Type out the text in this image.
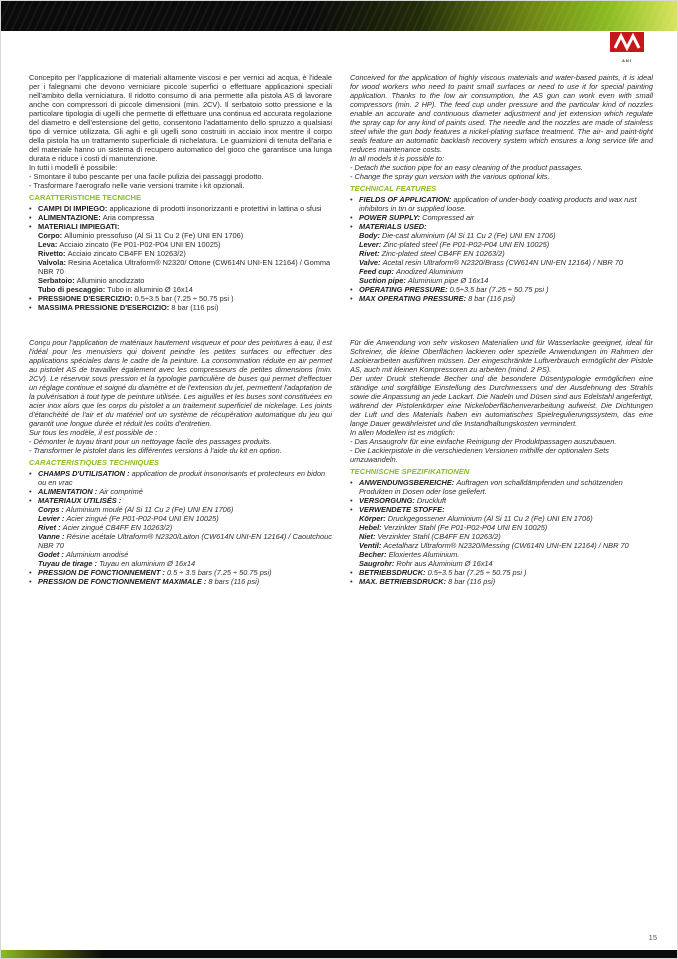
ANI

Concepito per l'applicazione di materiali altamente viscosi e per vernici ad acqua, è l'ideale per i falegnami che devono verniciare piccole superfici o effettuare applicazioni speciali nell'ambito della verniciatura. Il ridotto consumo di aria permette alla pistola AS di lavorare anche con compressori di piccole dimensioni (min. 2CV). Il serbatoio sotto pressione e la particolare tipologia di ugelli che permette di effettuare una continua ed accurata regolazione del diametro e dell'estensione del getto, consentono l'adattamento dello spruzzo a qualsiasi tipo di vernice utilizzata. Gli aghi e gli ugelli sono costruiti in acciaio inox mentre il corpo della pistola ha un trattamento superficiale di nichelatura. Le guarnizioni di tenuta dell'aria e del materiale hanno un sistema di recupero automatico del gioco che garantisce una lunga durata e riduce i costi di manutenzione.

In tutti i modelli è possibile:
- Smontare il tubo pescante per una facile pulizia dei passaggi prodotto.
- Trasformare l'aerografo nelle varie versioni tramite i kit opzionali.
CARATTERISTICHE TECNICHE
• CAMPI DI IMPIEGO: applicazione di prodotti insonorizzanti e protettivi in lattina o sfusi
• ALIMENTAZIONE: Aria compressa
• MATERIALI IMPIEGATI:
Corpo: Alluminio pressofuso (Al Si 11 Cu 2 (Fe) UNI EN 1706)
Leva: Acciaio zincato (Fe P01-P02-P04 UNI EN 10025)
Rivetto: Acciaio zincato CB4FF EN 10263/2)
Valvola: Resina Acetalica Ultraform® N2320/ Ottone (CW614N UNI-EN 12164) / Gomma NBR 70
Serbatoio: Alluminio anodizzato
Tubo di pescaggio: Tubo in alluminio Ø 16x14
• PRESSIONE D'ESERCIZIO: 0.5÷3.5 bar (7.25 ÷ 50.75 psi )
• MASSIMA PRESSIONE D'ESERCIZIO: 8 bar (116 psi)

Conceived for the application of highly viscous materials and water-based paints, it is ideal for wood workers who need to paint small surfaces or need to use it for special painting application. Thanks to the low air consumption, the AS gun can work even with small compressors (min. 2 HP). The feed cup under pressure and the particular kind of nozzles enable an accurate and continuous diameter adjustment and jet extension which regulate the spray cap for any kind of paints used. The needle and the nozzles are made of stainless steel while the gun body features a nickel-plating surface treatment. The air- and paint-tight seals feature an automatic backlash recovery system which ensures a long service life and reduces maintenance costs.

In all models it is possible to:
- Detach the suction pipe for an easy cleaning of the product passages.
- Change the spray gun version with the various optional kits.
TECHNICAL FEATURES
• FIELDS OF APPLICATION: application of under-body coating products and wax rust inhibitors in tin or supplied loose.
• POWER SUPPLY: Compressed air
• MATERIALS USED:
Body: Die-cast aluminium (Al Si 11 Cu 2 (Fe) UNI EN 1706)
Lever: Zinc-plated steel (Fe P01-P02-P04 UNI EN 10025)
Rivet: Zinc-plated steel CB4FF EN 10263/2)
Valve: Acetal resin Ultraform® N2320/Brass (CW614N UNI-EN 12164) / NBR 70
Feed cup: Anodized Aluminium
Suction pipe: Aluminium pipe Ø 16x14
• OPERATING PRESSURE: 0.5÷3.5 bar (7.25 ÷ 50.75 psi )
• MAX OPERATING PRESSURE: 8 bar (116 psi)

Conçu pour l'application de matériaux hautement visqueux et pour des peintures à eau, il est l'idéal pour les menuisiers qui doivent peindre les petites surfaces ou effectuer des applications spéciales dans le cadre de la peinture. La consommation réduite en air permet au pistolet AS de travailler également avec les compresseurs de petites dimensions (min. 2CV). Le réservoir sous pression et la typologie particulière de buses qui permet d'effectuer un réglage continue et soigné du diamètre et de l'extension du jet, permettent l'adaptation de la pulvérisation à tout type de peinture utilisée. Les aiguilles et les buses sont constituées en acier inox alors que les corps du pistolet a un traitement superficiel de nickelage. Les joints d'étanchéité de l'air et du matériel ont un système de récupération automatique du jeu qui garantit une longue durée et réduit les coûts d'entretien.

Sur tous les modèle, il est possible de :
- Démonter le tuyau tirant pour un nettoyage facile des passages produits.
- Transformer le pistolet dans les différentes versions à l'aide du kit en option.
CARACTERISTIQUES TECHNIQUES
• CHAMPS D'UTILISATION : application de produit insonorisants et protecteurs en bidon ou en vrac
• ALIMENTATION : Air comprimé
• MATERIAUX UTILISÉS :
Corps : Aluminium moulé (Al Si 11 Cu 2 (Fe) UNI EN 1706)
Levier : Acier zingué (Fe P01-P02-P04 UNI EN 10025)
Rivet : Acier zingué CB4FF EN 10263/2)
Vanne : Résine acétale Ultraform® N2320/Laiton (CW614N UNI-EN 12164) / Caoutchouc NBR 70
Godet : Aluminium anodisé
Tuyau de tirage : Tuyau en aluminium Ø 16x14
• PRESSION DE FONCTIONNEMENT : 0.5 ÷ 3.5 bars (7.25 ÷ 50.75 psi)
• PRESSION DE FONCTIONNEMENT MAXIMALE : 8 bars (116 psi)

Für die Anwendung von sehr viskosen Materialien und für Wasserlacke geeignet, ideal für Schreiner, die kleine Oberflächen lackieren oder spezielle Anwendungen im Rahmen der Lackierarbeiten ausführen müssen. Der eingeschränkte Luftverbrauch ermöglicht der Pistole AS, auch mit kleinen Kompressoren zu arbeiten (mind. 2 PS).

Der unter Druck stehende Becher und die besondere Düsentypologie ermöglichen eine ständige und sorgfältige Einstellung des Durchmessers und der Ausdehnung des Strahls sowie die Anpassung an jede Lackart. Die Nadeln und Düsen sind aus Edelstahl angefertigt, während der Pistolenkörper eine Nickeloberflächenverarbeitung aufweist. Die Dichtungen der Luft und des Materials haben ein automatisches Spielregulierungssystem, das eine lange Dauer gewährleistet und die Instandhaltungskosten vermindert.

In allen Modellen ist es möglich:
- Das Ansaugrohr für eine einfache Reinigung der Produktpassagen auszubauen.
- Die Lackierpistole in die verschiedenen Versionen mithilfe der optionalen Sets umzuwandeln.
TECHNISCHE SPEZIFIKATIONEN
• ANWENDUNGSBEREICHE: Auftragen von schalldämpfenden und schützenden Produkten in Dosen oder lose geliefert.
• VERSORGUNG: Druckluft
• VERWENDETE STOFFE:
Körper: Druckgegossener Aluminium (Al Si 11 Cu 2 (Fe) UNI EN 1706)
Hebel: Verzinkter Stahl (Fe P01-P02-P04 UNI EN 10025)
Niet: Verzinkter Stahl (CB4FF EN 10263/2)
Ventil: Acetalharz Ultraform® N2320/Messing (CW614N UNI-EN 12164) / NBR 70
Becher: Eloxiertes Aluminium.
Saugrohr: Rohr aus Aluminium Ø 16x14
• BETRIEBSDRUCK: 0.5÷3.5 bar (7.25 ÷ 50.75 psi )
• MAX. BETRIEBSDRUCK: 8 bar (116 psi)
15
